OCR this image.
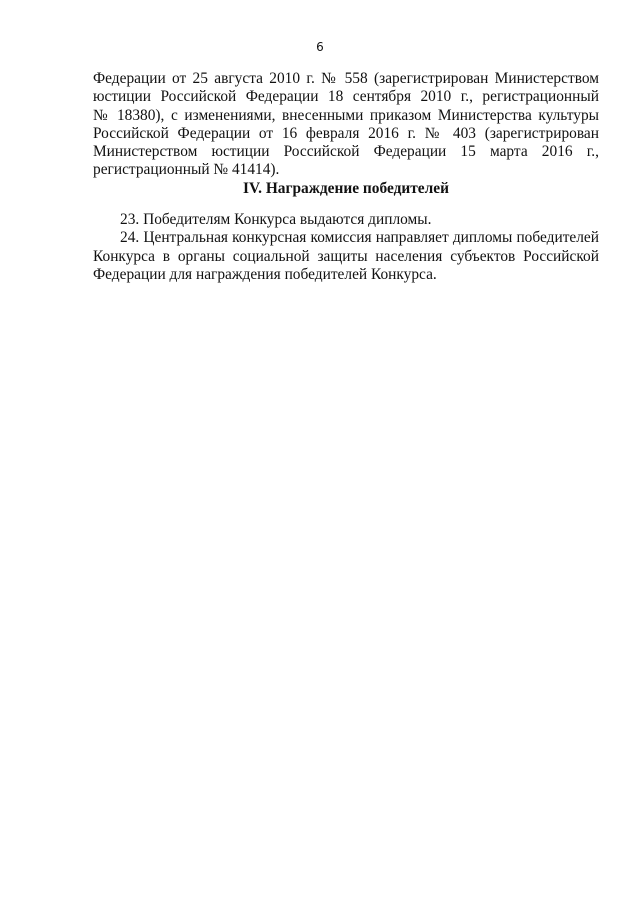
6

Федерации от 25 августа 2010 г. № 558 (зарегистрирован Министерством

юстиции Российской Федерации 18 сентября 2010 г., регистрационный

№ 18380), с изменениями, внесенными приказом Министерства культуры

Российской Федерации от 16 февраля 2016 г. № 403 (зарегистрирован

Министерством юстиции Российской Федерации 15 марта 2016 г.,

регистрационный № 41414).

IV. Награждение победителей

23. Победителям Конкурса выдаются дипломы.

24. Центральная конкурсная комиссия направляет дипломы победителей

Конкурса в органы социальной защиты населения субъектов Российской

Федерации для награждения победителей Конкурса.
